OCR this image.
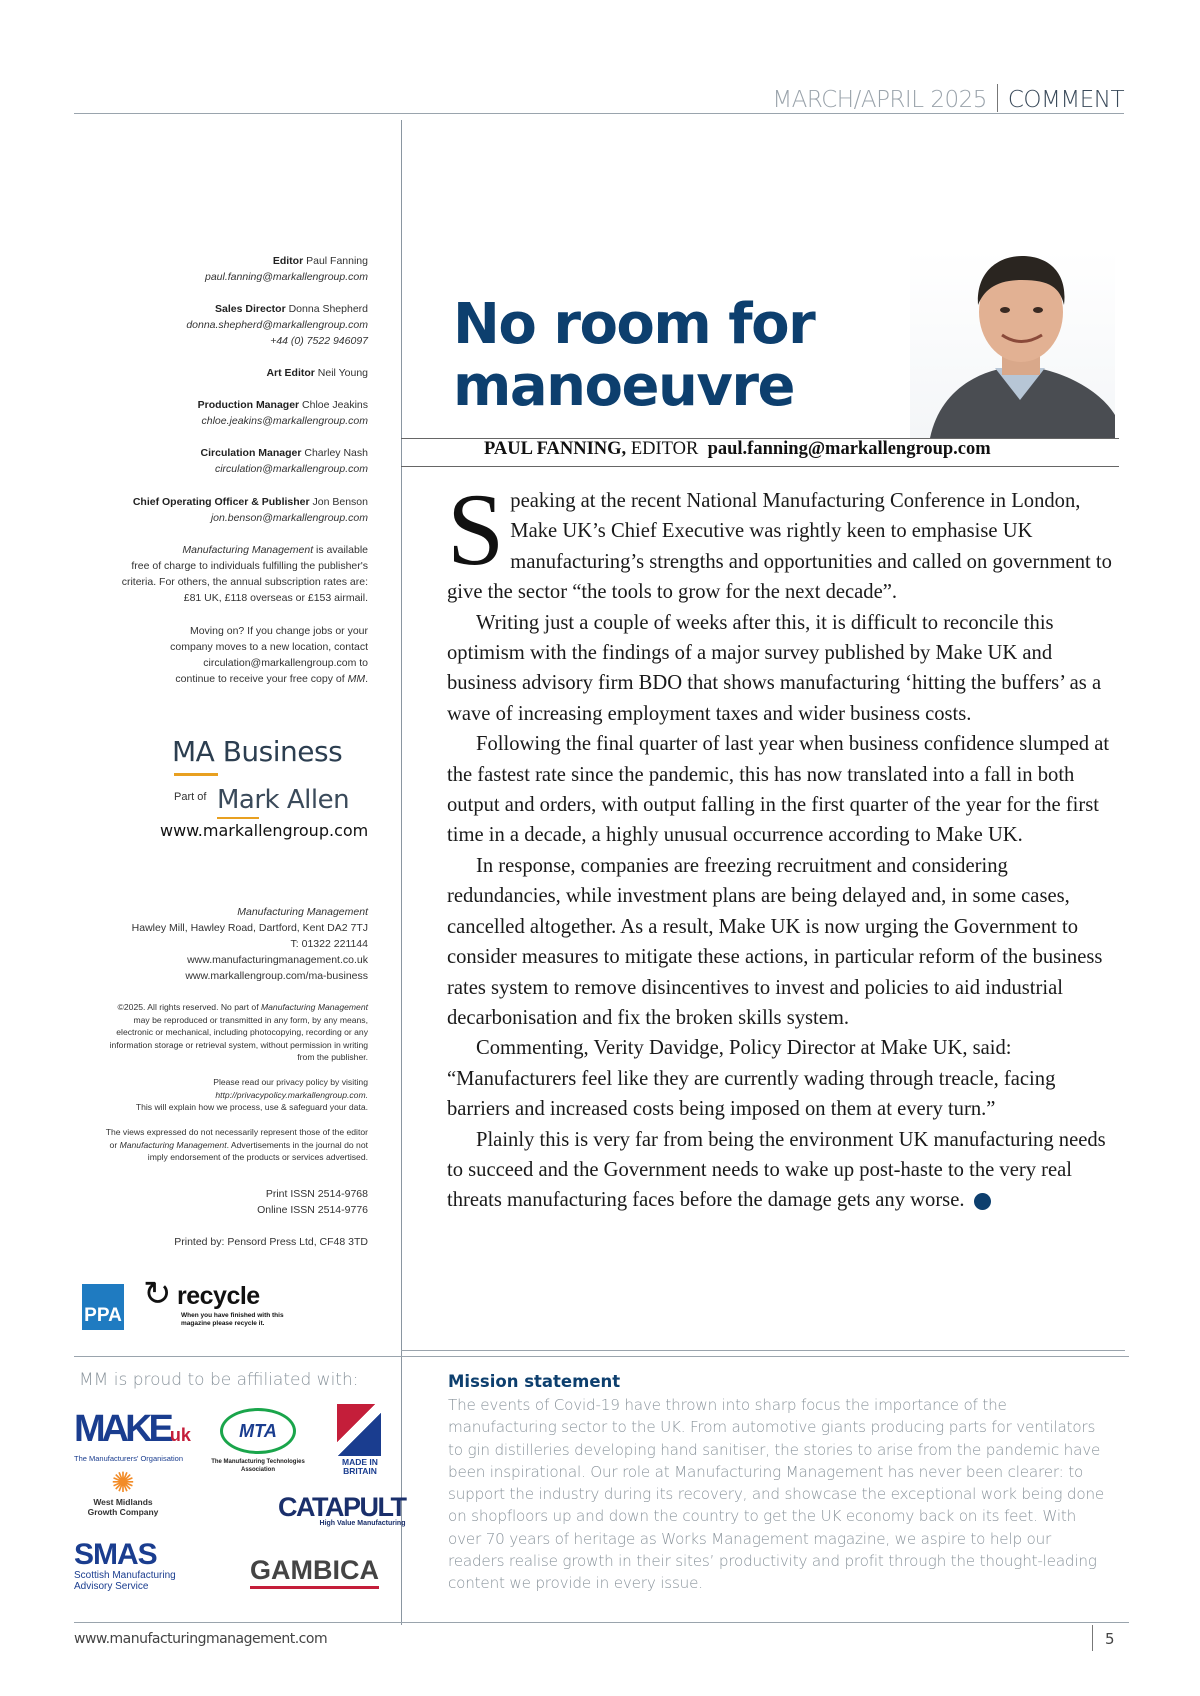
MARCH/APRIL 2025 COMMENT
Editor Paul Fanning
paul.fanning@markallengroup.com
Sales Director Donna Shepherd
donna.shepherd@markallengroup.com
+44 (0) 7522 946097
Art Editor Neil Young
Production Manager Chloe Jeakins
chloe.jeakins@markallengroup.com
Circulation Manager Charley Nash
circulation@markallengroup.com
Chief Operating Officer & Publisher Jon Benson
jon.benson@markallengroup.com
Manufacturing Management is available
free of charge to individuals fulfilling the publisher's
criteria. For others, the annual subscription rates are:
£81 UK, £118 overseas or £153 airmail.
Moving on? If you change jobs or your
company moves to a new location, contact
circulation@markallengroup.com to
continue to receive your free copy of MM.
MA Business
Part of Mark Allen
www.markallengroup.com
Manufacturing Management
Hawley Mill, Hawley Road, Dartford, Kent DA2 7TJ
T: 01322 221144
www.manufacturingmanagement.co.uk
www.markallengroup.com/ma-business
©2025. All rights reserved. No part of Manufacturing Management
may be reproduced or transmitted in any form, by any means,
electronic or mechanical, including photocopying, recording or any
information storage or retrieval system, without permission in writing
from the publisher.
Please read our privacy policy by visiting
http://privacypolicy.markallengroup.com.
This will explain how we process, use & safeguard your data.
The views expressed do not necessarily represent those of the editor
or Manufacturing Management. Advertisements in the journal do not
imply endorsement of the products or services advertised.
Print ISSN 2514-9768
Online ISSN 2514-9776
Printed by: Pensord Press Ltd, CF48 3TD
PPA
↻ recycle
When you have finished with this magazine please recycle it.
MM is proud to be affiliated with:
MAKEuk
The Manufacturers' Organisation
MTA
The Manufacturing Technologies Association
MADE IN BRITAIN
✺
West Midlands Growth Company	CATAPULT
High Value Manufacturing
SMAS
Scottish Manufacturing
Advisory Service
GAMBICA
No room for
manoeuvre
PAUL FANNING, EDITOR paul.fanning@markallengroup.com

Speaking at the recent National Manufacturing Conference in London, Make UK’s Chief Executive was rightly keen to emphasise UK manufacturing’s strengths and opportunities and called on government to give the sector “the tools to grow for the next decade”.

Writing just a couple of weeks after this, it is difficult to reconcile this optimism with the findings of a major survey published by Make UK and business advisory firm BDO that shows manufacturing ‘hitting the buffers’ as a wave of increasing employment taxes and wider business costs.

Following the final quarter of last year when business confidence slumped at the fastest rate since the pandemic, this has now translated into a fall in both output and orders, with output falling in the first quarter of the year for the first time in a decade, a highly unusual occurrence according to Make UK.

In response, companies are freezing recruitment and considering redundancies, while investment plans are being delayed and, in some cases, cancelled altogether. As a result, Make UK is now urging the Government to consider measures to mitigate these actions, in particular reform of the business rates system to remove disincentives to invest and policies to aid industrial decarbonisation and fix the broken skills system.

Commenting, Verity Davidge, Policy Director at Make UK, said: “Manufacturers feel like they are currently wading through treacle, facing barriers and increased costs being imposed on them at every turn.”

Plainly this is very far from being the environment UK manufacturing needs to succeed and the Government needs to wake up post-haste to the very real threats manufacturing faces before the damage gets any worse.	M

Mission statement
The events of Covid-19 have thrown into sharp focus the importance of the manufacturing sector to the UK. From automotive giants producing parts for ventilators to gin distilleries developing hand sanitiser, the stories to arise from the pandemic have been inspirational. Our role at Manufacturing Management has never been clearer: to support the industry during its recovery, and showcase the exceptional work being done on shopfloors up and down the country to get the UK economy back on its feet. With over 70 years of heritage as Works Management magazine, we aspire to help our readers realise growth in their sites’ productivity and profit through the thought-leading content we provide in every issue.
www.manufacturingmanagement.com	5
